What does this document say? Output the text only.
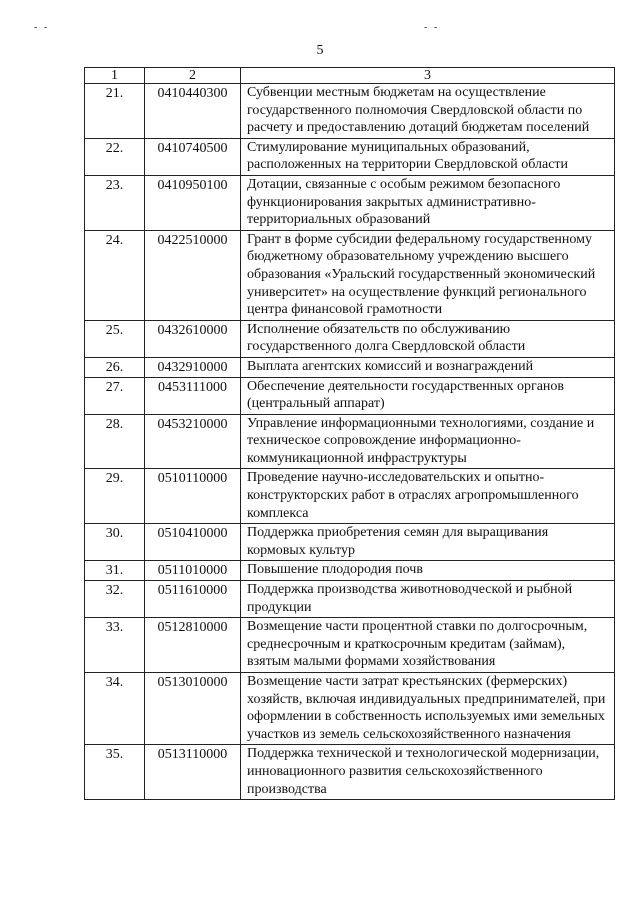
- -	- -
5
1	2	3
21.	0410440300	Субвенции местным бюджетам на осуществление государственного полномочия Свердловской области по расчету и предоставлению дотаций бюджетам поселений
22.	0410740500	Стимулирование муниципальных образований, расположенных на территории Свердловской области
23.	0410950100	Дотации, связанные с особым режимом безопасного функционирования закрытых административно-территориальных образований
24.	0422510000	Грант в форме субсидии федеральному государственному бюджетному образовательному учреждению высшего образования «Уральский государственный экономический университет» на осуществление функций регионального центра финансовой грамотности
25.	0432610000	Исполнение обязательств по обслуживанию государственного долга Свердловской области
26.	0432910000	Выплата агентских комиссий и вознаграждений
27.	0453111000	Обеспечение деятельности государственных органов (центральный аппарат)
28.	0453210000	Управление информационными технологиями, создание и техническое сопровождение информационно-коммуникационной инфраструктуры
29.	0510110000	Проведение научно-исследовательских и опытно-конструкторских работ в отраслях агропромышленного комплекса
30.	0510410000	Поддержка приобретения семян для выращивания кормовых культур
31.	0511010000	Повышение плодородия почв
32.	0511610000	Поддержка производства животноводческой и рыбной продукции
33.	0512810000	Возмещение части процентной ставки по долгосрочным, среднесрочным и краткосрочным кредитам (займам), взятым малыми формами хозяйствования
34.	0513010000	Возмещение части затрат крестьянских (фермерских) хозяйств, включая индивидуальных предпринимателей, при оформлении в собственность используемых ими земельных участков из земель сельскохозяйственного назначения
35.	0513110000	Поддержка технической и технологической модернизации, инновационного развития сельскохозяйственного производства
